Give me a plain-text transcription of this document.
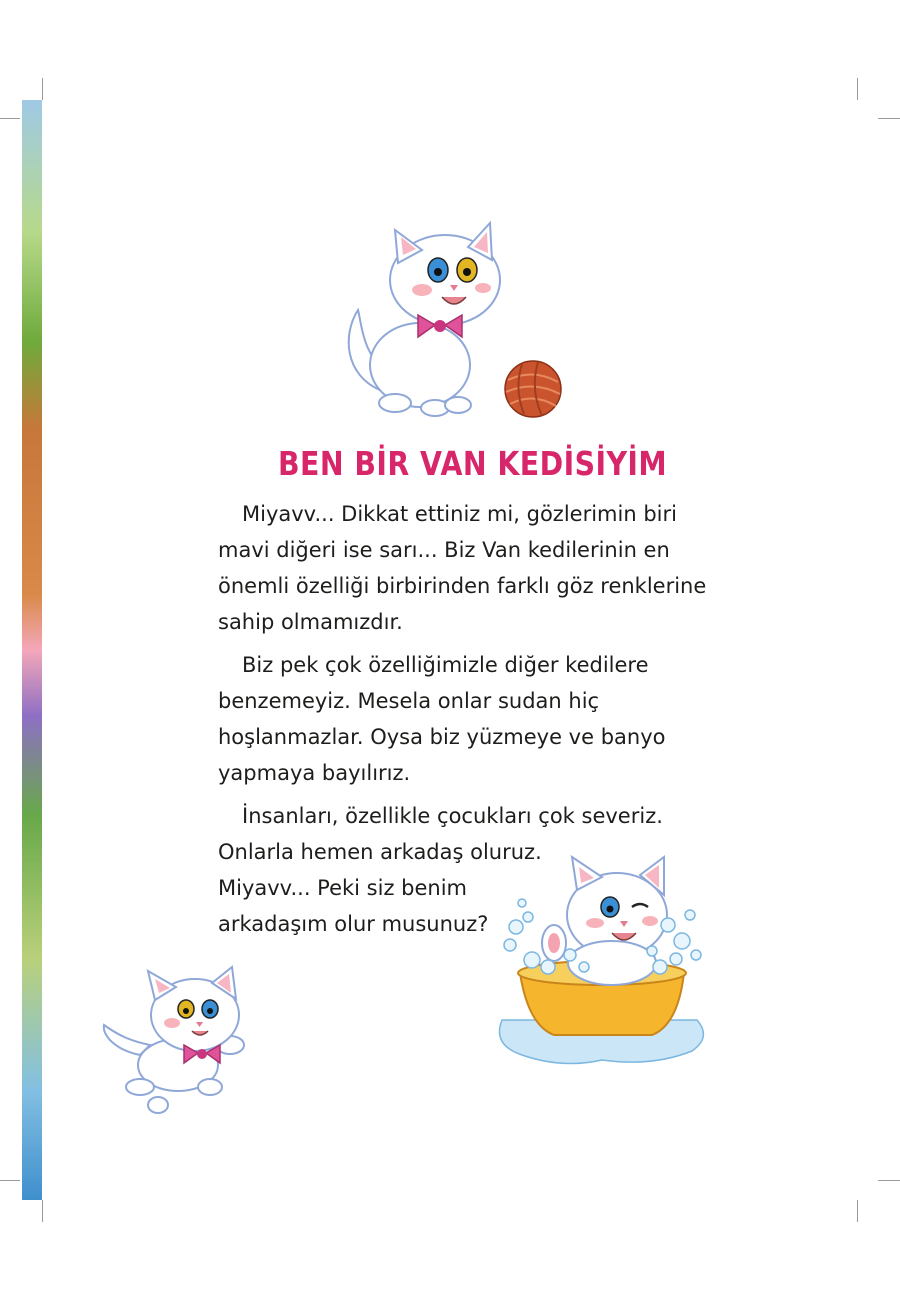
BEN BİR VAN KEDİSİYİM

Miyavv... Dikkat ettiniz mi, gözlerimin biri
mavi diğeri ise sarı... Biz Van kedilerinin en
önemli özelliği birbirinden farklı göz renklerine
sahip olmamızdır.

Biz pek çok özelliğimizle diğer kedilere
benzemeyiz. Mesela onlar sudan hiç
hoşlanmazlar. Oysa biz yüzmeye ve banyo
yapmaya bayılırız.

İnsanları, özellikle çocukları çok severiz.
Onlarla hemen arkadaş oluruz.
Miyavv... Peki siz benim
arkadaşım olur musunuz?
